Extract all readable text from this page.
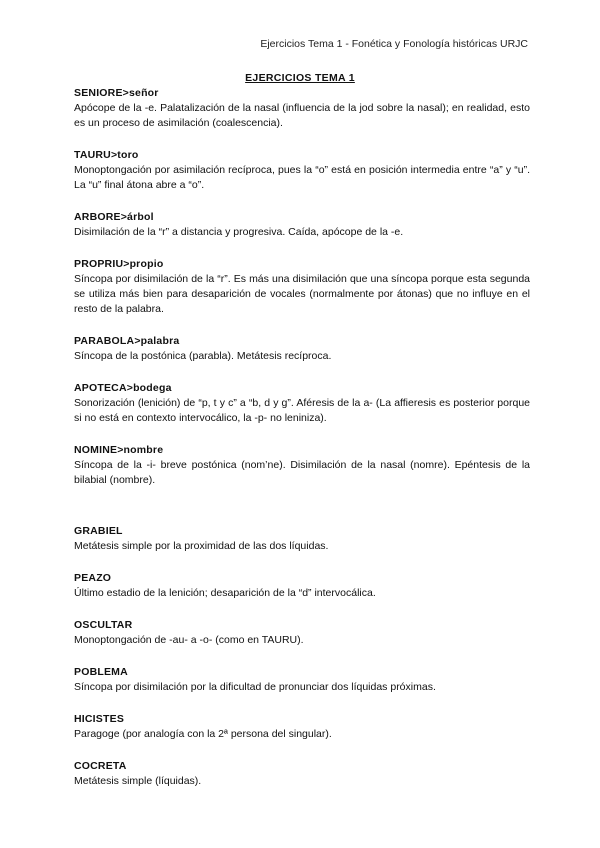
Ejercicios Tema 1 - Fonética y Fonología históricas URJC
EJERCICIOS TEMA 1
SENIORE>señor
Apócope de la -e. Palatalización de la nasal (influencia de la jod sobre la nasal); en realidad, esto es un proceso de asimilación (coalescencia).
TAURU>toro
Monoptongación por asimilación recíproca, pues la “o” está en posición intermedia entre “a” y “u”. La “u” final átona abre a “o”.
ARBORE>árbol
Disimilación de la “r” a distancia y progresiva. Caída, apócope de la -e.
PROPRIU>propio
Síncopa por disimilación de la “r”. Es más una disimilación que una síncopa porque esta segunda se utiliza más bien para desaparición de vocales (normalmente por átonas) que no influye en el resto de la palabra.
PARABOLA>palabra
Síncopa de la postónica (parabla). Metátesis recíproca.
APOTECA>bodega
Sonorización (lenición) de “p, t y c” a “b, d y g”. Aféresis de la a- (La affieresis es posterior porque si no está en contexto intervocálico, la -p- no leniniza).
NOMINE>nombre
Síncopa de la -i- breve postónica (nom’ne). Disimilación de la nasal (nomre). Epéntesis de la bilabial (nombre).
GRABIEL
Metátesis simple por la proximidad de las dos líquidas.
PEAZO
Último estadio de la lenición; desaparición de la “d” intervocálica.
OSCULTAR
Monoptongación de -au- a -o- (como en TAURU).
POBLEMA
Síncopa por disimilación por la dificultad de pronunciar dos líquidas próximas.
HICISTES
Paragoge (por analogía con la 2ª persona del singular).
COCRETA
Metátesis simple (líquidas).
